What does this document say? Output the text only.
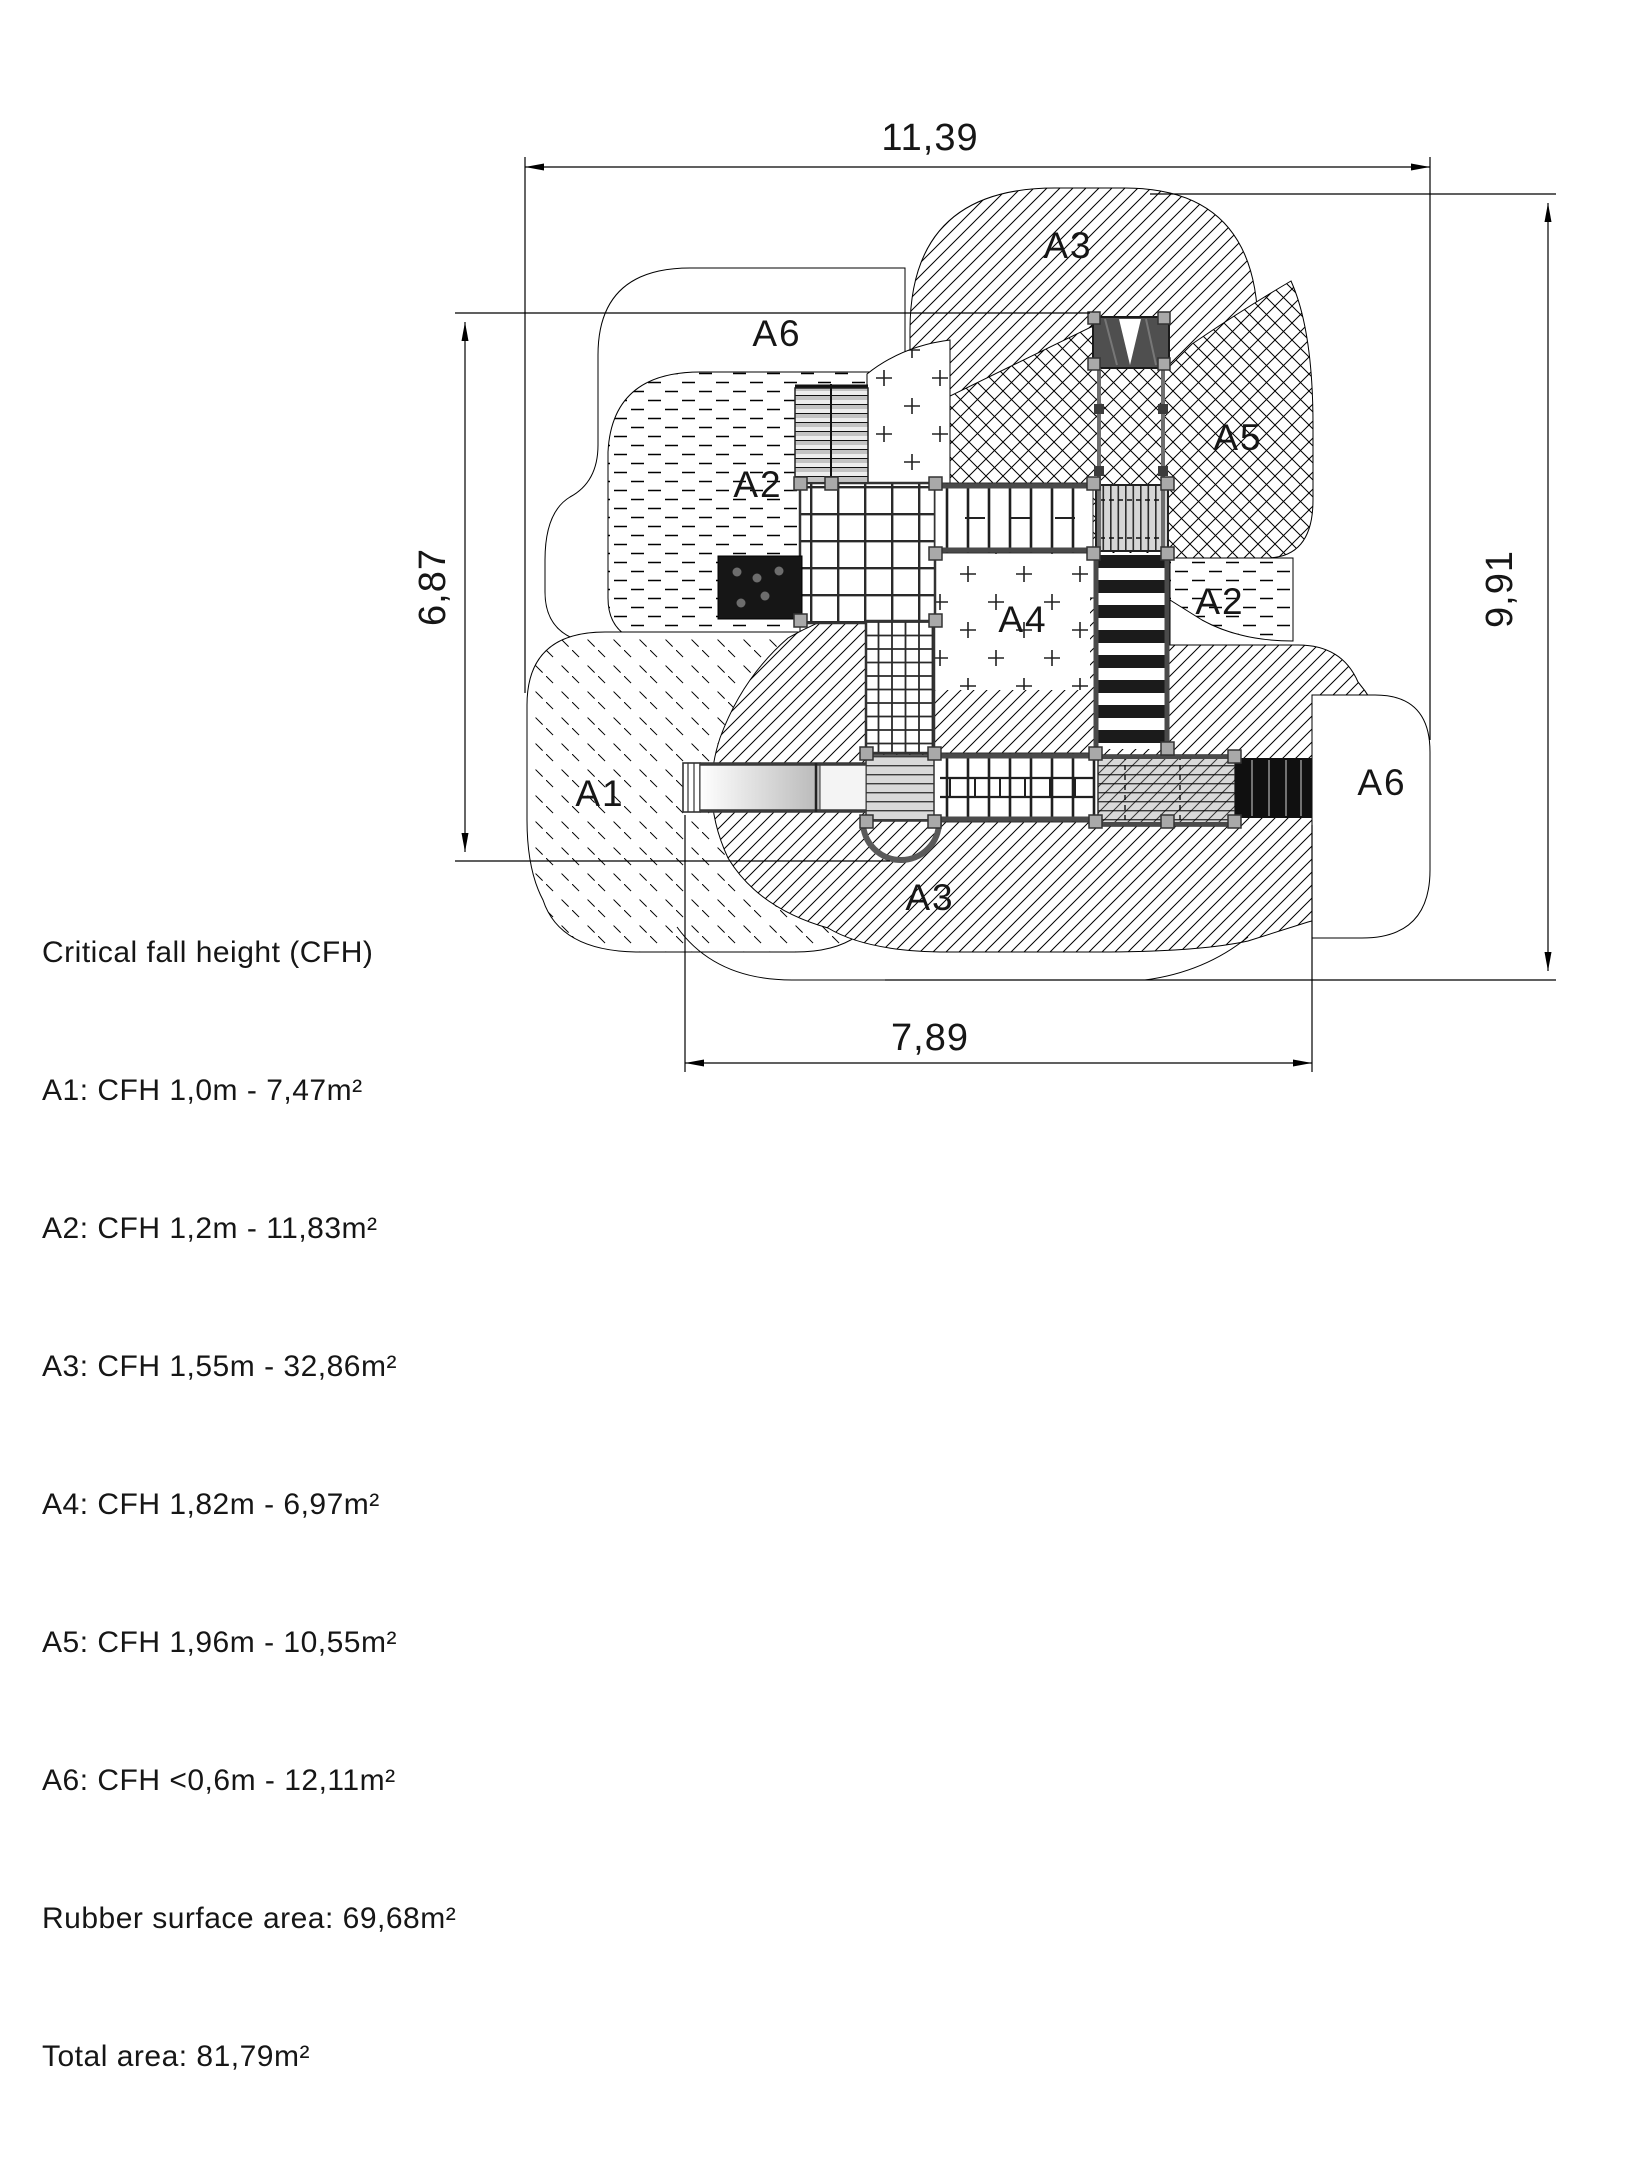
11,39
9,91
6,87
7,89
A3
A6
A5
A2
A4	A2
A1
A3
A6

Critical fall height (CFH)

A1: CFH 1,0m - 7,47m²

A2: CFH 1,2m - 11,83m²

A3: CFH 1,55m - 32,86m²

A4: CFH 1,82m - 6,97m²

A5: CFH 1,96m - 10,55m²

A6: CFH <0,6m - 12,11m²

Rubber surface area: 69,68m²

Total area: 81,79m²
